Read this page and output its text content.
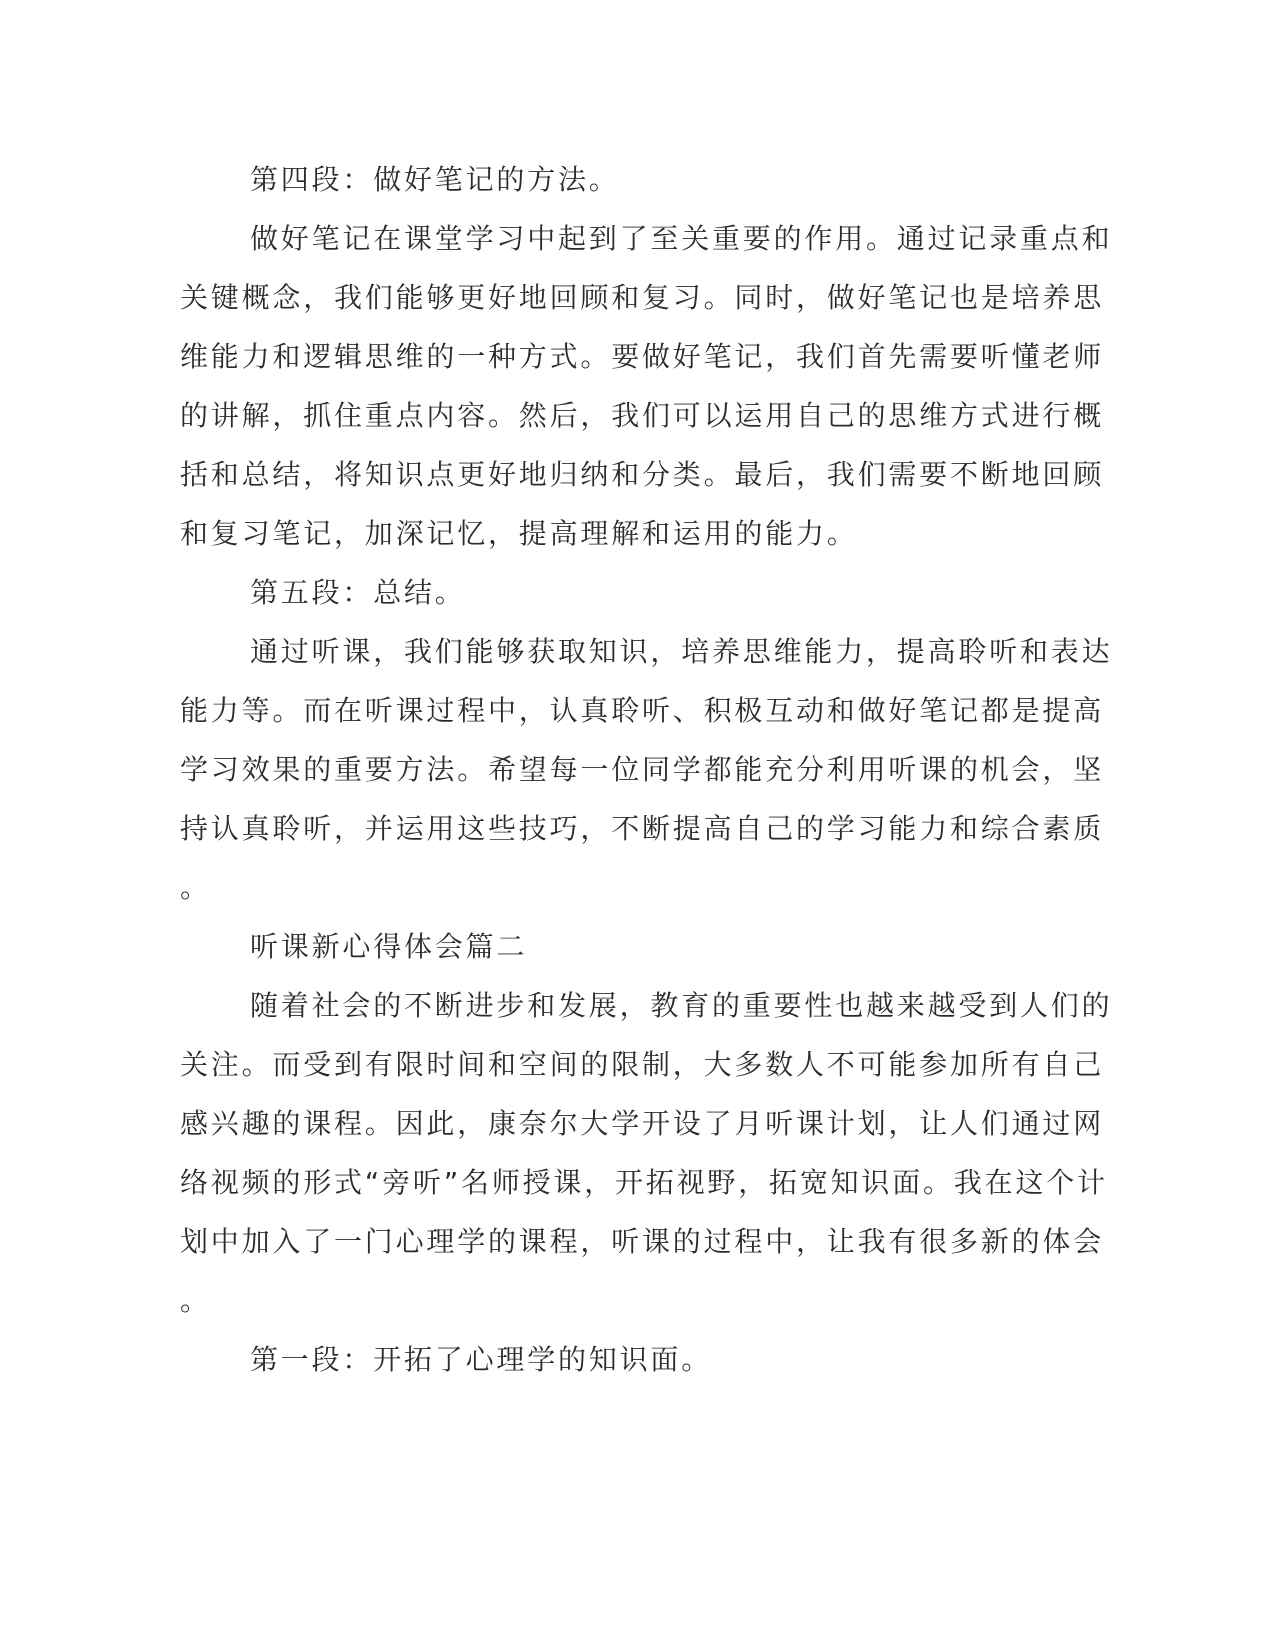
第四段：做好笔记的方法。

做好笔记在课堂学习中起到了至关重要的作用。通过记录重点和

关键概念，我们能够更好地回顾和复习。同时，做好笔记也是培养思

维能力和逻辑思维的一种方式。要做好笔记，我们首先需要听懂老师

的讲解，抓住重点内容。然后，我们可以运用自己的思维方式进行概

括和总结，将知识点更好地归纳和分类。最后，我们需要不断地回顾

和复习笔记，加深记忆，提高理解和运用的能力。

第五段：总结。

通过听课，我们能够获取知识，培养思维能力，提高聆听和表达

能力等。而在听课过程中，认真聆听、积极互动和做好笔记都是提高

学习效果的重要方法。希望每一位同学都能充分利用听课的机会，坚

持认真聆听，并运用这些技巧，不断提高自己的学习能力和综合素质

。

听课新心得体会篇二

随着社会的不断进步和发展，教育的重要性也越来越受到人们的

关注。而受到有限时间和空间的限制，大多数人不可能参加所有自己

感兴趣的课程。因此，康奈尔大学开设了月听课计划，让人们通过网

络视频的形式“旁听”名师授课，开拓视野，拓宽知识面。我在这个计

划中加入了一门心理学的课程，听课的过程中，让我有很多新的体会

。

第一段：开拓了心理学的知识面。
